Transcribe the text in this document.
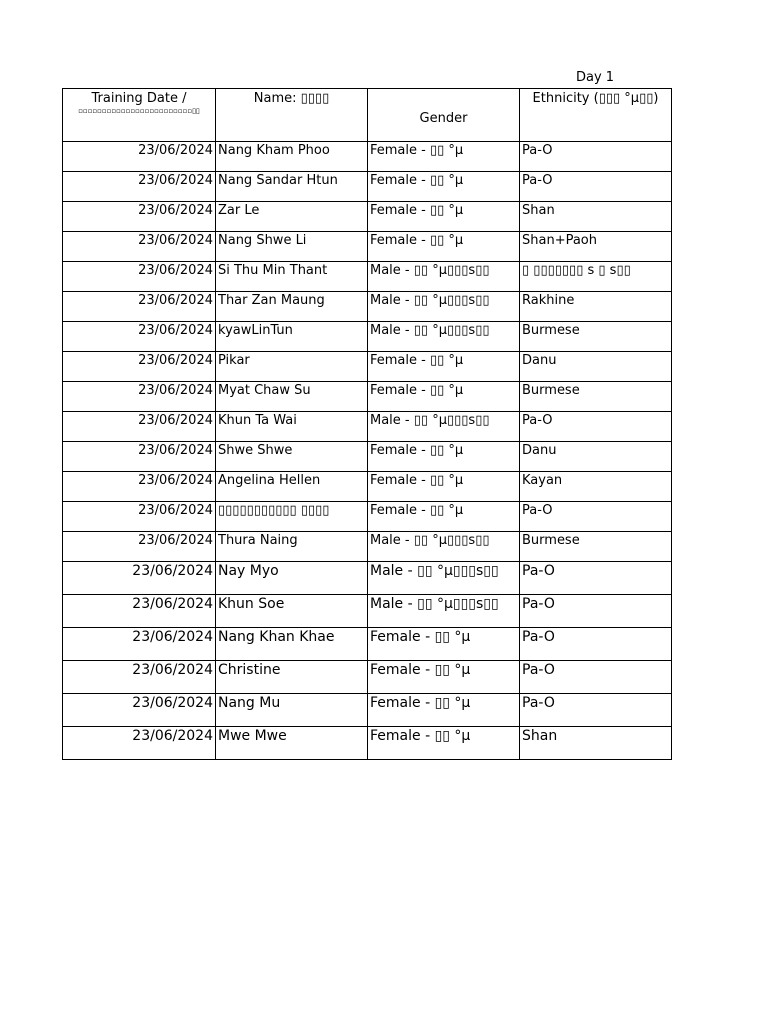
Day 1
Training Date /
▫▫▫▫▫▫▫▫▫▫▫▫▫▫▫▫▫▫▫▫▫▫▫▫▯▯	Name: ▯▯▯▯	Gender	Ethnicity (▯▯▯ °µ▯▯)
23/06/2024	Nang Kham Phoo	Female - ▯▯ °µ	Pa-O
23/06/2024	Nang Sandar Htun	Female - ▯▯ °µ	Pa-O
23/06/2024	Zar Le	Female - ▯▯ °µ	Shan
23/06/2024	Nang Shwe Li	Female - ▯▯ °µ	Shan+Paoh
23/06/2024	Si Thu Min Thant	Male - ▯▯ °µ▯▯▯s▯▯	▯ ▯▯▯▯▯▯▯ s ▯ s▯▯
23/06/2024	Thar Zan Maung	Male - ▯▯ °µ▯▯▯s▯▯	Rakhine
23/06/2024	kyawLinTun	Male - ▯▯ °µ▯▯▯s▯▯	Burmese
23/06/2024	Pikar	Female - ▯▯ °µ	Danu
23/06/2024	Myat Chaw Su	Female - ▯▯ °µ	Burmese
23/06/2024	Khun Ta Wai	Male - ▯▯ °µ▯▯▯s▯▯	Pa-O
23/06/2024	Shwe Shwe	Female - ▯▯ °µ	Danu
23/06/2024	Angelina Hellen	Female - ▯▯ °µ	Kayan
23/06/2024	▯▯▯▯▯▯▯▯▯▯▯ ▯▯▯▯	Female - ▯▯ °µ	Pa-O
23/06/2024	Thura Naing	Male - ▯▯ °µ▯▯▯s▯▯	Burmese
23/06/2024	Nay Myo	Male - ▯▯ °µ▯▯▯s▯▯	Pa-O
23/06/2024	Khun Soe	Male - ▯▯ °µ▯▯▯s▯▯	Pa-O
23/06/2024	Nang Khan Khae	Female - ▯▯ °µ	Pa-O
23/06/2024	Christine	Female - ▯▯ °µ	Pa-O
23/06/2024	Nang Mu	Female - ▯▯ °µ	Pa-O
23/06/2024	Mwe Mwe	Female - ▯▯ °µ	Shan
